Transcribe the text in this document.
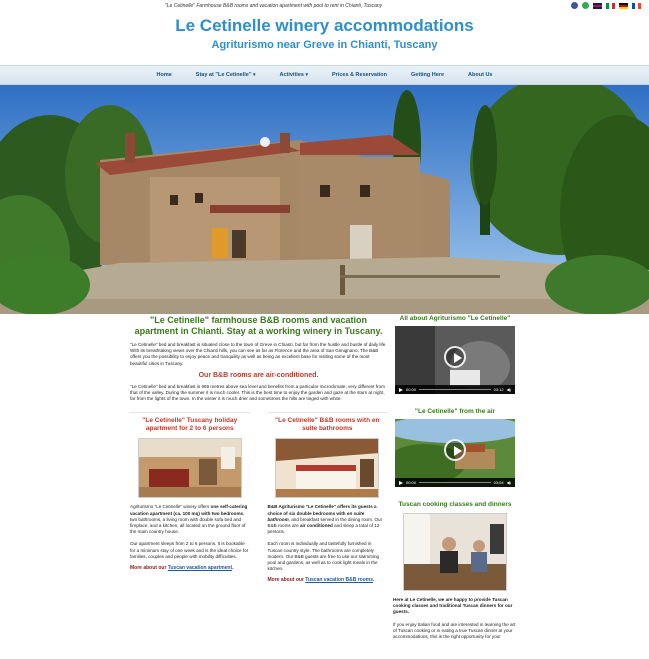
"Le Cetinelle" Farmhouse B&B rooms and vacation apartment with pool to rent in Chianti, Tuscany
Le Cetinelle winery accommodations
Agriturismo near Greve in Chianti, Tuscany
Home	Stay at "Le Cetinelle" ▾	Activities ▾	Prices & Reservation	Getting Here	About Us
"Le Cetinelle" farmhouse B&B rooms and vacation apartment in Chianti. Stay at a working winery in Tuscany.

"Le Cetinelle" bed and breakfast is situated close to the town of Greve in Chianti, but far from the hustle and bustle of daily life. With its breathtaking views over the Chianti hills, you can see as far as Florence and the area of San Gimignano. The B&B offers you the possibility to enjoy peace and tranquility as well as being an excellent base for visiting some of the most beautiful cities in Tuscany.

Our B&B rooms are air-conditioned.

"Le Cetinelle" bed and breakfast is 669 metres above sea level and benefits from a particular microclimate, very different from that of the valley. During the summer it is much cooler. This is the best time to enjoy the garden and gaze at the stars at night, far from the lights of the town. In the winter it is much drier and sometimes the hills are tinged with white.

"Le Cetinelle" Tuscany holiday apartment for 2 to 6 persons

Agriturismo "Le Cetinelle" winery offers one self-catering vacation apartment (ca. 100 mq) with two bedrooms, two bathrooms, a living room with double sofa bed and fireplace, and a kitchen, all located on the ground floor of the main country house.

Our apartment sleeps from 2 to 6 persons. It is bookable for a minimum stay of one week and is the ideal choice for families, couples and people with mobility difficulties.

More about our Tuscan vacation apartment.
"Le Cetinelle" B&B rooms with en suite bathrooms

B&B Agriturismo "Le Cetinelle" offers its guests a choice of six double bedrooms with en suite bathroom, and breakfast served in the dining room. Our B&B rooms are air conditioned and sleep a total of 12 persons.

Each room is individually and tastefully furnished in Tuscan country style. The bathrooms are completely modern. Our B&B guests are free to use our swimming pool and gardens, as well as to cook light meals in the kitchen.

More about our Tuscan vacation B&B rooms.
All about Agriturismo "Le Cetinelle"
00:00	03:12 ◀)
"Le Cetinelle" from the air
00:00	03:04 ◀)
Tuscan cooking classes and dinners

Here at Le Cetinelle, we are happy to provide Tuscan cooking classes and traditional Tuscan dinners for our guests.

If you enjoy Italian food and are interested in learning the art of Tuscan cooking or in eating a true Tuscan dinner at your accommodations, this is the right opportunity for you!
